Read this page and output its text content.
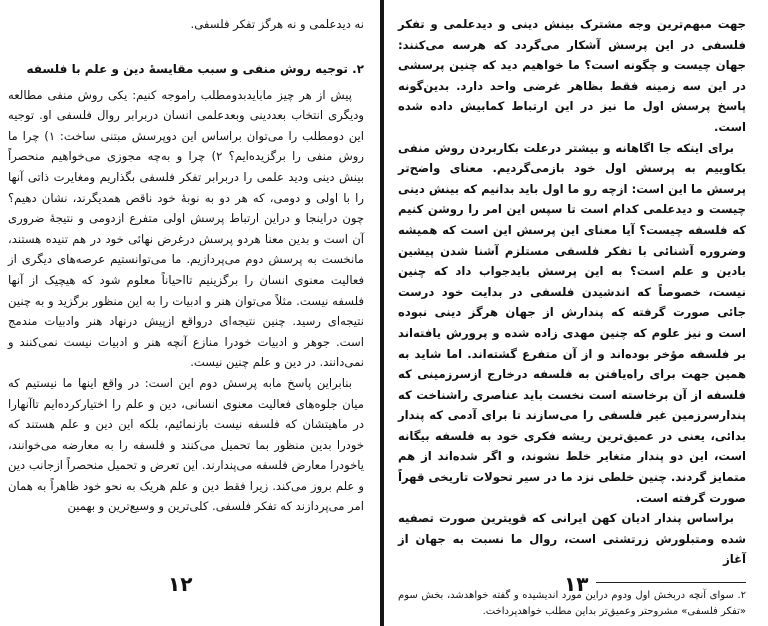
نه دیدعلمی و نه هرگز تفکر فلسفی.

۲. توجیه روش منفی و سبب مقایسهٔ دین و علم با فلسفه

پیش از هر چیز مابایدبدومطلب راموجه کنیم: یکی روش منفی مطالعه ودیگری انتخاب بعددینی وبعدعلمی انسان دربرابر روال فلسفی او. توجیه این دومطلب را می‌توان براساس این دوپرسش مبتنی ساخت: ۱) چرا ما روش منفی را برگزیده‌ایم؟ ۲) چرا و به‌چه مجوزی می‌خواهیم منحصراً بینش دینی ودید علمی را دربرابر تفکر فلسفی بگذاریم ومغایرت ذاتی آنها را با اولی و دومی، که هر دو به نوبهٔ خود ناقص همدیگرند، نشان دهیم؟ چون دراینجا و دراین ارتباط پرسش اولی متفرع ازدومی و نتیجهٔ ضروری آن است و بدین معنا هردو پرسش درغرض نهائی خود در هم تنیده هستند، مانخست به پرسش دوم می‌پردازیم. ما می‌توانستیم عرصه‌های دیگری از فعالیت معنوی انسان را برگزینیم تااحیاناً معلوم شود که هیچیک از آنها فلسفه نیست. مثلاً می‌توان هنر و ادبیات را به این منظور برگزید و به چنین نتیجه‌ای رسید. چنین نتیجه‌ای درواقع ازپیش درنهاد هنر وادبیات مندمج است. جوهر و ادبیات خودرا منازع آنچه هنر و ادبیات نیست نمی‌کنند و نمی‌دانند. در دین و علم چنین نیست.

بنابراین پاسخ مابه پرسش دوم این است: در واقع اینها ما نیستیم که میان جلوه‌های فعالیت معنوی انسانی، دین و علم را اختیارکرده‌ایم تاآنهارا در ماهیتشان که فلسفه نیست بازنمائیم، بلکه این دین و علم هستند که خودرا بدین منظور بما تحمیل می‌کنند و فلسفه را به معارضه می‌خوانند، یاخودرا معارض فلسفه می‌پندارند. این تعرض و تحمیل منحصراً ازجانب دین و علم بروز می‌کند. زیرا فقط دین و علم هریک به نحو خود ظاهراً به همان امر می‌پردازند که تفکر فلسفی. کلی‌ترین و وسیع‌ترین و بهمین

۱۲

جهت مبهم‌ترین وجه مشترک بینش دینی و دیدعلمی و تفکر فلسفی در این پرسش آشکار می‌گردد که هرسه می‌کنند: جهان چیست و چگونه است؟ ما خواهیم دید که چنین پرسشی در این سه زمینه فقط بظاهر غرضی واحد دارد. بدین‌گونه پاسخ پرسش اول ما نیز در این ارتباط کمابیش داده شده است.

برای اینکه جا اگاهانه و بیشتر درعلت بکاربردن روش منفی بکاوییم به پرسش اول خود بازمی‌گردیم. معنای واضح‌تر پرسش ما این است: ازچه رو ما اول باید بدانیم که بینش دینی چیست و دیدعلمی کدام است تا سپس این امر را روشن کنیم که فلسفه چیست؟ آیا معنای این پرسش این است که همیشه وضروره آشنائی با تفکر فلسفی مستلزم آشنا شدن پیشین بادین و علم است؟ به این پرسش بایدجواب داد که چنین نیست، خصوصاً که اندشیدن فلسفی در بدایت خود درست جائی صورت گرفته که پندارش از جهان هرگز دینی نبوده است و نیز علوم که چنین مهدی زاده شده و پرورش یافته‌اند بر فلسفه مؤخر بوده‌اند و از آن متفرع گشته‌اند. اما شاید به همین جهت برای راه‌یافتن به فلسفه درخارج ازسرزمینی که فلسفه از آن برخاسته است نخست باید عناصری راشناخت که پندارسرزمین غیر فلسفی را می‌سازند تا برای آدمی که پندار بدائی، یعنی در عمیق‌ترین ریشه فکری خود به فلسفه بیگانه است، این دو پندار متغایر خلط نشوند، و اگر شده‌اند از هم متمایز گردند. چنین خلطی نزد ما در سیر تحولات تاریخی قهراً صورت گرفته است.

براساس پندار ادیان کهن ایرانی که قویترین صورت تصفیه شده ومتبلورش زرتشتی است، روال ما نسبت به جهان از آغاز

۲. سوای آنچه دربخش اول ودوم دراین مورد اندیشیده و گفته خواهدشد، بخش سوم «تفکر فلسفی» مشروحتر وعمیق‌تر بداین مطلب خواهدپرداخت.

۱۳
